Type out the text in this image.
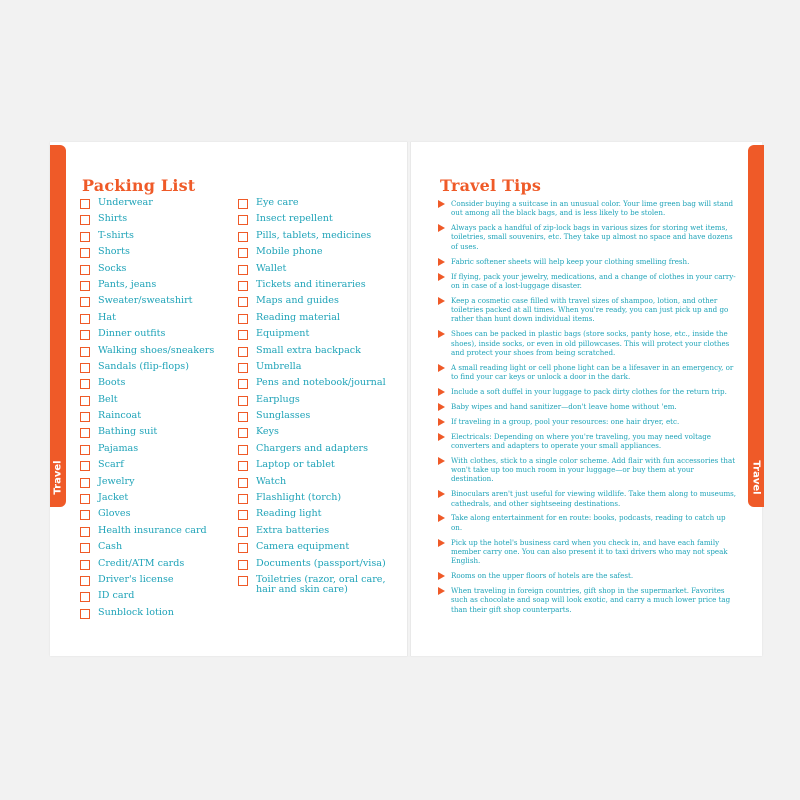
Travel	Travel
Packing List	Travel Tips
Underwear
Shirts
T-shirts
Shorts
Socks
Pants, jeans
Sweater/sweatshirt
Hat
Dinner outfits
Walking shoes/sneakers
Sandals (flip-flops)
Boots
Belt
Raincoat
Bathing suit
Pajamas
Scarf
Jewelry
Jacket
Gloves
Health insurance card
Cash
Credit/ATM cards
Driver's license
ID card
Sunblock lotion
Eye care
Insect repellent
Pills, tablets, medicines
Mobile phone
Wallet
Tickets and itineraries
Maps and guides
Reading material
Equipment
Small extra backpack
Umbrella
Pens and notebook/journal
Earplugs
Sunglasses
Keys
Chargers and adapters
Laptop or tablet
Watch
Flashlight (torch)
Reading light
Extra batteries
Camera equipment
Documents (passport/visa)
Toiletries (razor, oral care, hair and skin care)
Consider buying a suitcase in an unusual color. Your lime green bag will stand out among all the black bags, and is less likely to be stolen.
Always pack a handful of zip-lock bags in various sizes for storing wet items, toiletries, small souvenirs, etc. They take up almost no space and have dozens of uses.
Fabric softener sheets will help keep your clothing smelling fresh.
If flying, pack your jewelry, medications, and a change of clothes in your carry-on in case of a lost-luggage disaster.
Keep a cosmetic case filled with travel sizes of shampoo, lotion, and other toiletries packed at all times. When you're ready, you can just pick up and go rather than hunt down individual items.
Shoes can be packed in plastic bags (store socks, panty hose, etc., inside the shoes), inside socks, or even in old pillowcases. This will protect your clothes and protect your shoes from being scratched.
A small reading light or cell phone light can be a lifesaver in an emergency, or to find your car keys or unlock a door in the dark.
Include a soft duffel in your luggage to pack dirty clothes for the return trip.
Baby wipes and hand sanitizer—don't leave home without 'em.
If traveling in a group, pool your resources: one hair dryer, etc.
Electricals: Depending on where you're traveling, you may need voltage converters and adapters to operate your small appliances.
With clothes, stick to a single color scheme. Add flair with fun accessories that won't take up too much room in your luggage—or buy them at your destination.
Binoculars aren't just useful for viewing wildlife. Take them along to museums, cathedrals, and other sightseeing destinations.
Take along entertainment for en route: books, podcasts, reading to catch up on.
Pick up the hotel's business card when you check in, and have each family member carry one. You can also present it to taxi drivers who may not speak English.
Rooms on the upper floors of hotels are the safest.
When traveling in foreign countries, gift shop in the supermarket. Favorites such as chocolate and soap will look exotic, and carry a much lower price tag than their gift shop counterparts.
